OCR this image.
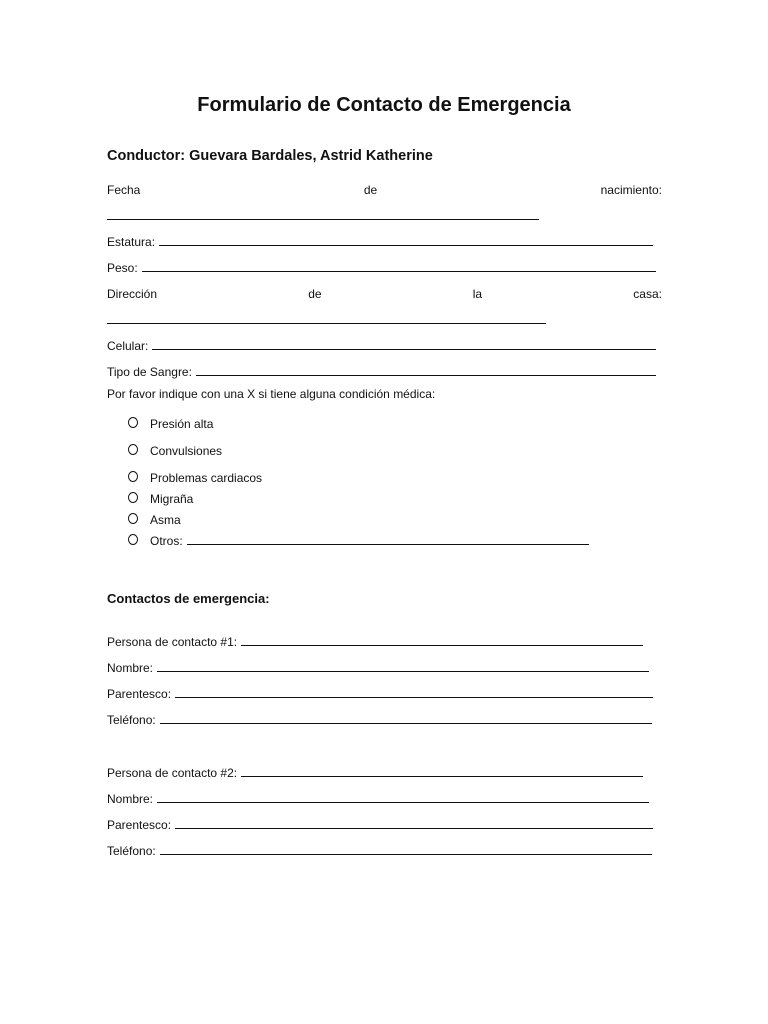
Formulario de Contacto de Emergencia
Conductor: Guevara Bardales, Astrid Katherine
Fecha	de	nacimiento:
Estatura:
Peso:
Dirección	de	la	casa:
Celular:
Tipo de Sangre:
Por favor indique con una X si tiene alguna condición médica:
Presión alta
Convulsiones
Problemas cardiacos
Migraña
Asma
Otros:
Contactos de emergencia:
Persona de contacto #1:
Nombre:
Parentesco:
Teléfono:
Persona de contacto #2:
Nombre:
Parentesco:
Teléfono:
